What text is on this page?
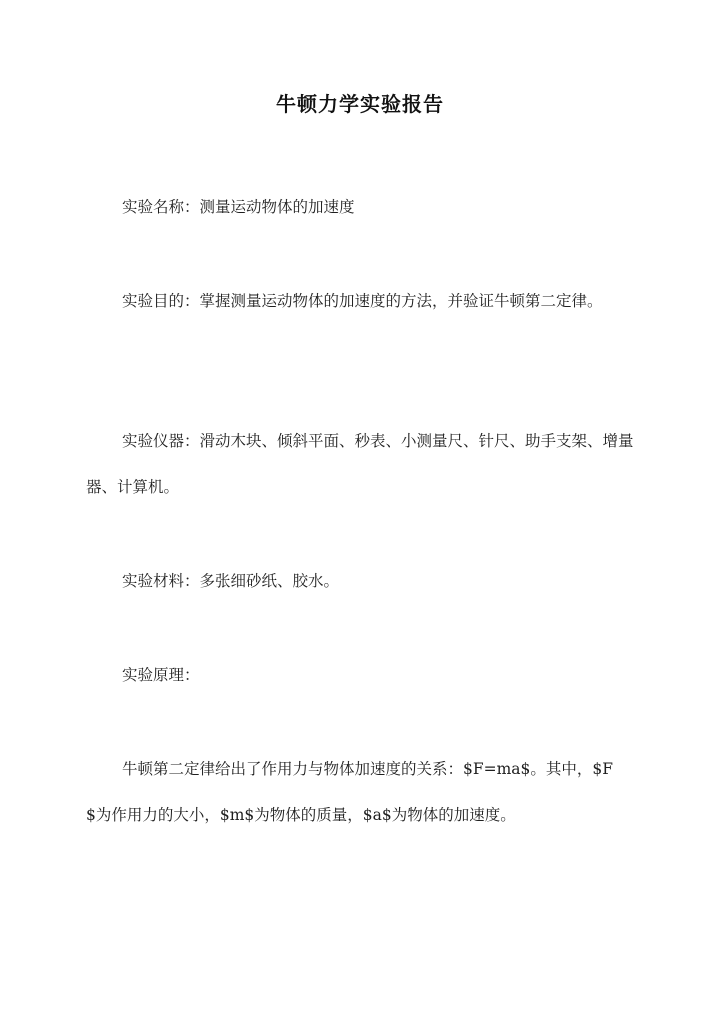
牛顿力学实验报告
实验名称：测量运动物体的加速度
实验目的：掌握测量运动物体的加速度的方法，并验证牛顿第二定律。
实验仪器：滑动木块、倾斜平面、秒表、小测量尺、针尺、助手支架、增量器、计算机。
实验材料：多张细砂纸、胶水。
实验原理：
牛顿第二定律给出了作用力与物体加速度的关系：$F=ma$。其中，$F$为作用力的大小，$m$为物体的质量，$a$为物体的加速度。
